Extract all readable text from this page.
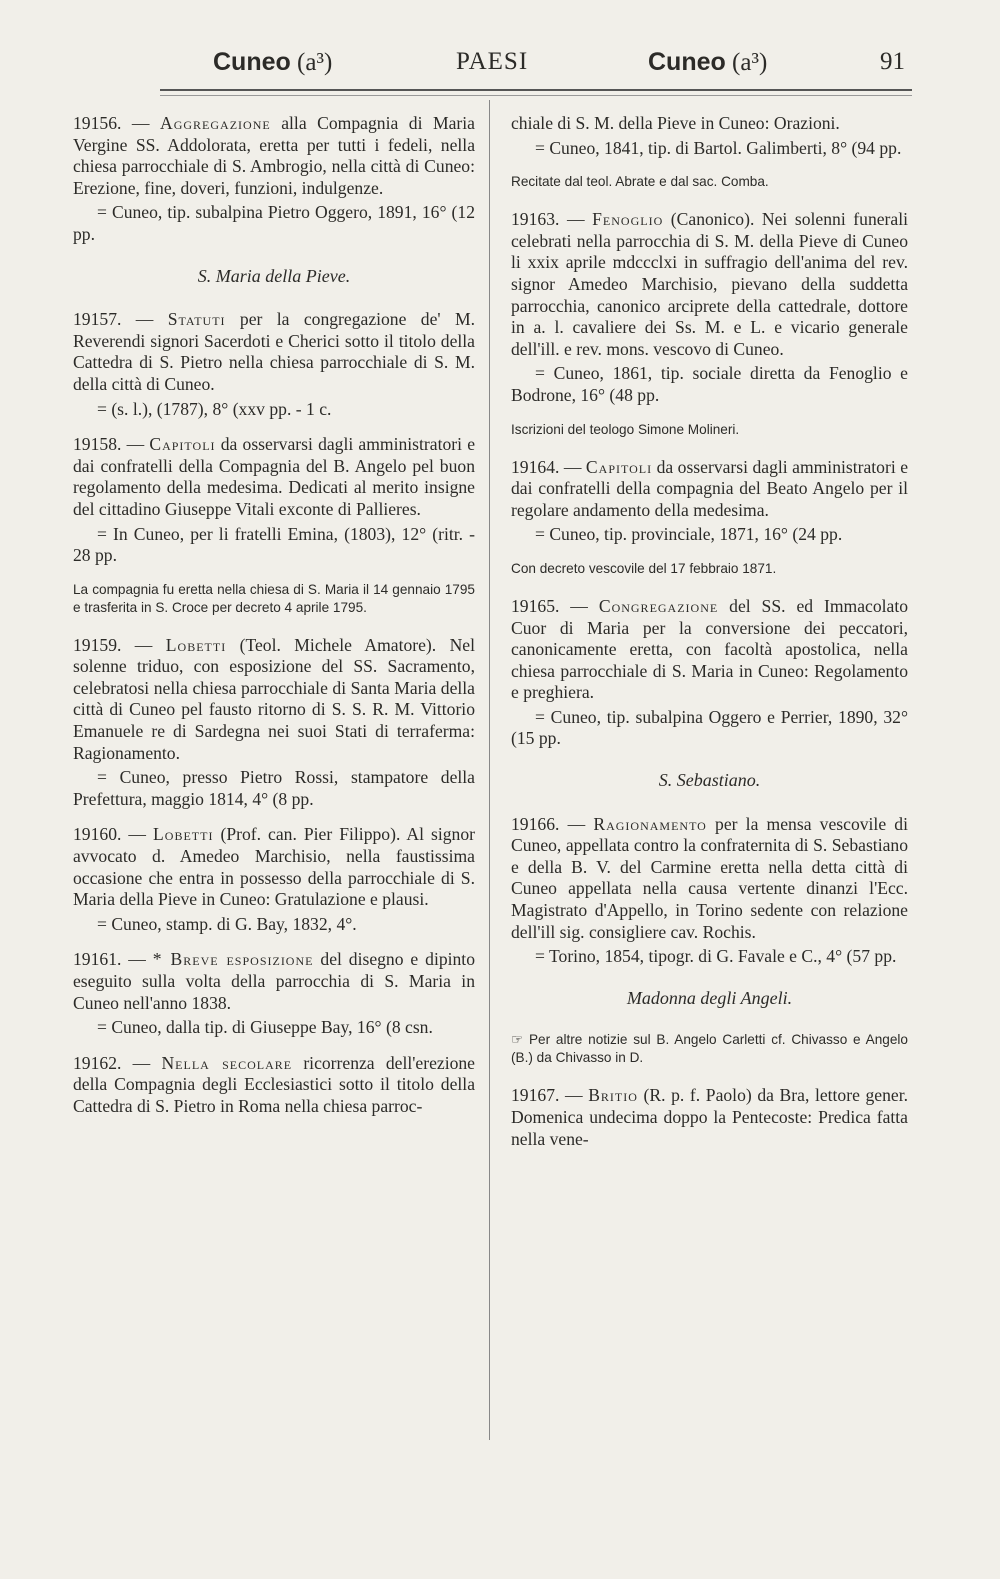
Cuneo (a³)	PAESI	Cuneo (a³)	91

19156. — Aggregazione alla Compagnia di Maria Vergine SS. Addolorata, eretta per tutti i fedeli, nella chiesa parrocchiale di S. Ambrogio, nella città di Cuneo: Erezione, fine, doveri, funzioni, indulgenze.

= Cuneo, tip. subalpina Pietro Oggero, 1891, 16° (12 pp.

S. Maria della Pieve.

19157. — Statuti per la congregazione de' M. Reverendi signori Sacerdoti e Cherici sotto il titolo della Cattedra di S. Pietro nella chiesa parrocchiale di S. M. della città di Cuneo.

= (s. l.), (1787), 8° (xxv pp. - 1 c.

19158. — Capitoli da osservarsi dagli amministratori e dai confratelli della Compagnia del B. Angelo pel buon regolamento della medesima. Dedicati al merito insigne del cittadino Giuseppe Vitali exconte di Pallieres.

= In Cuneo, per li fratelli Emina, (1803), 12° (ritr. - 28 pp.

La compagnia fu eretta nella chiesa di S. Maria il 14 gennaio 1795 e trasferita in S. Croce per decreto 4 aprile 1795.

19159. — Lobetti (Teol. Michele Amatore). Nel solenne triduo, con esposizione del SS. Sacramento, celebratosi nella chiesa parrocchiale di Santa Maria della città di Cuneo pel fausto ritorno di S. S. R. M. Vittorio Emanuele re di Sardegna nei suoi Stati di terraferma: Ragionamento.

= Cuneo, presso Pietro Rossi, stampatore della Prefettura, maggio 1814, 4° (8 pp.

19160. — Lobetti (Prof. can. Pier Filippo). Al signor avvocato d. Amedeo Marchisio, nella faustissima occasione che entra in possesso della parrocchiale di S. Maria della Pieve in Cuneo: Gratulazione e plausi.

= Cuneo, stamp. di G. Bay, 1832, 4°.

19161. — * Breve esposizione del disegno e dipinto eseguito sulla volta della parrocchia di S. Maria in Cuneo nell'anno 1838.

= Cuneo, dalla tip. di Giuseppe Bay, 16° (8 csn.

19162. — Nella secolare ricorrenza dell'erezione della Compagnia degli Ecclesiastici sotto il titolo della Cattedra di S. Pietro in Roma nella chiesa parroc-

chiale di S. M. della Pieve in Cuneo: Orazioni.

= Cuneo, 1841, tip. di Bartol. Galimberti, 8° (94 pp.

Recitate dal teol. Abrate e dal sac. Comba.

19163. — Fenoglio (Canonico). Nei solenni funerali celebrati nella parrocchia di S. M. della Pieve di Cuneo li xxix aprile mdccclxi in suffragio dell'anima del rev. signor Amedeo Marchisio, pievano della suddetta parrocchia, canonico arciprete della cattedrale, dottore in a. l. cavaliere dei Ss. M. e L. e vicario generale dell'ill. e rev. mons. vescovo di Cuneo.

= Cuneo, 1861, tip. sociale diretta da Fenoglio e Bodrone, 16° (48 pp.

Iscrizioni del teologo Simone Molineri.

19164. — Capitoli da osservarsi dagli amministratori e dai confratelli della compagnia del Beato Angelo per il regolare andamento della medesima.

= Cuneo, tip. provinciale, 1871, 16° (24 pp.

Con decreto vescovile del 17 febbraio 1871.

19165. — Congregazione del SS. ed Immacolato Cuor di Maria per la conversione dei peccatori, canonicamente eretta, con facoltà apostolica, nella chiesa parrocchiale di S. Maria in Cuneo: Regolamento e preghiera.

= Cuneo, tip. subalpina Oggero e Perrier, 1890, 32° (15 pp.

S. Sebastiano.

19166. — Ragionamento per la mensa vescovile di Cuneo, appellata contro la confraternita di S. Sebastiano e della B. V. del Carmine eretta nella detta città di Cuneo appellata nella causa vertente dinanzi l'Ecc. Magistrato d'Appello, in Torino sedente con relazione dell'ill sig. consigliere cav. Rochis.

= Torino, 1854, tipogr. di G. Favale e C., 4° (57 pp.

Madonna degli Angeli.
☞ Per altre notizie sul B. Angelo Carletti cf. Chivasso e Angelo (B.) da Chivasso in D.

19167. — Britio (R. p. f. Paolo) da Bra, lettore gener. Domenica undecima doppo la Pentecoste: Predica fatta nella vene-
